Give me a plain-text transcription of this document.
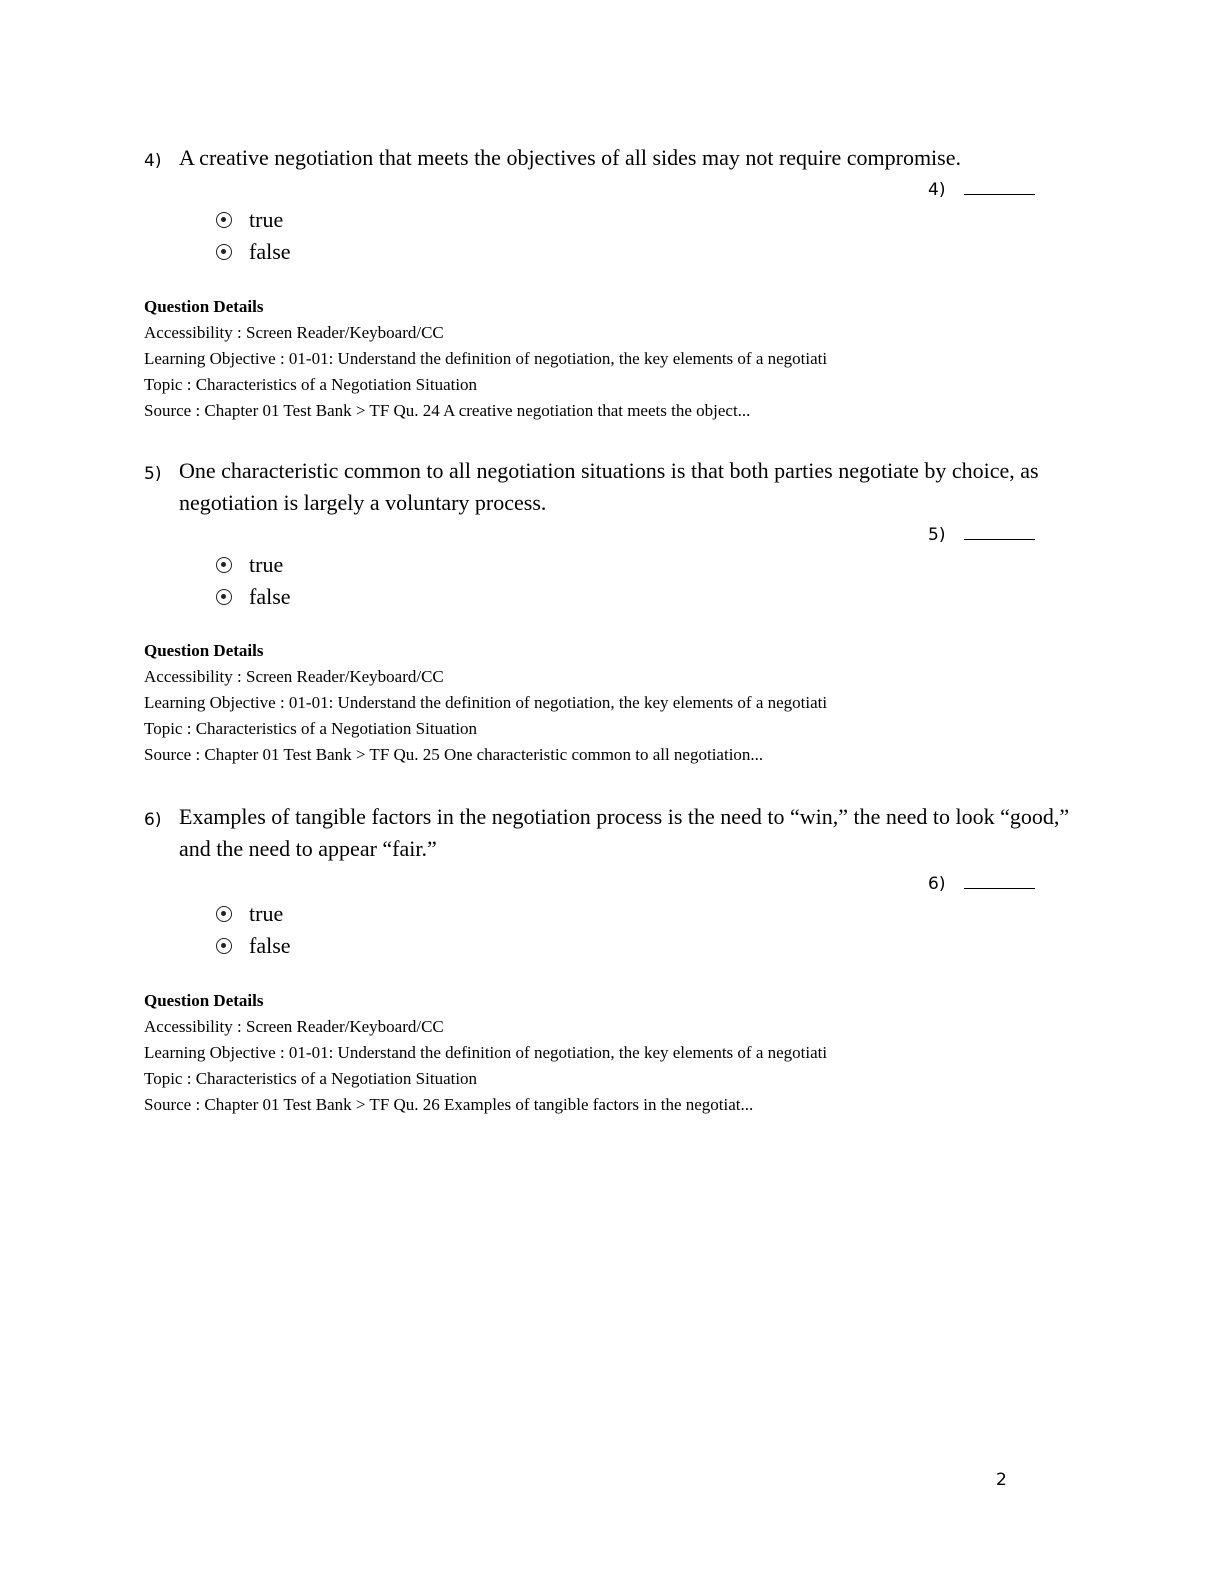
4) A creative negotiation that meets the objectives of all sides may not require compromise.
4)
true
false
Question Details
Accessibility : Screen Reader/Keyboard/CC
Learning Objective : 01-01: Understand the definition of negotiation, the key elements of a negotiati
Topic : Characteristics of a Negotiation Situation
Source : Chapter 01 Test Bank > TF Qu. 24 A creative negotiation that meets the object...
5) One characteristic common to all negotiation situations is that both parties negotiate by choice, as negotiation is largely a voluntary process.
5)
true
false
Question Details
Accessibility : Screen Reader/Keyboard/CC
Learning Objective : 01-01: Understand the definition of negotiation, the key elements of a negotiati
Topic : Characteristics of a Negotiation Situation
Source : Chapter 01 Test Bank > TF Qu. 25 One characteristic common to all negotiation...
6) Examples of tangible factors in the negotiation process is the need to “win,” the need to look “good,” and the need to appear “fair.”
6)
true
false
Question Details
Accessibility : Screen Reader/Keyboard/CC
Learning Objective : 01-01: Understand the definition of negotiation, the key elements of a negotiati
Topic : Characteristics of a Negotiation Situation
Source : Chapter 01 Test Bank > TF Qu. 26 Examples of tangible factors in the negotiat...
2
